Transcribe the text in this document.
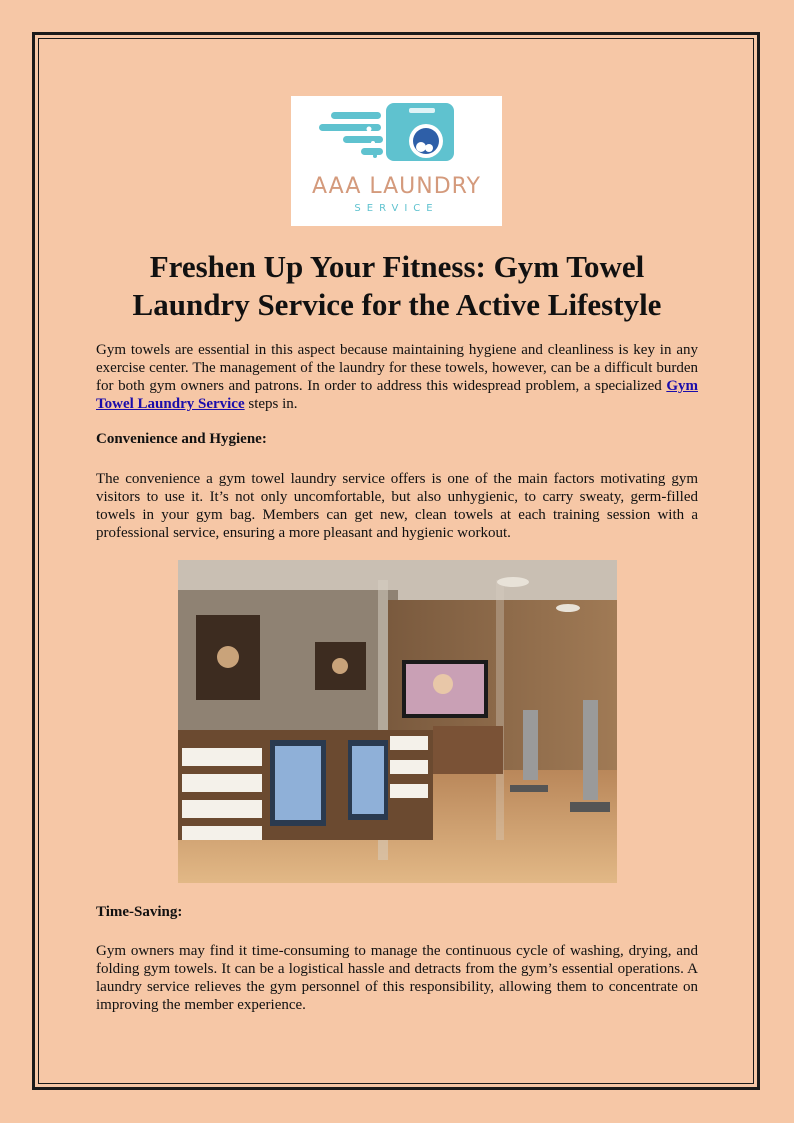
AAA LAUNDRY
SERVICE
Freshen Up Your Fitness: Gym Towel Laundry Service for the Active Lifestyle

Gym towels are essential in this aspect because maintaining hygiene and cleanliness is key in any exercise center. The management of the laundry for these towels, however, can be a difficult burden for both gym owners and patrons. In order to address this widespread problem, a specialized Gym Towel Laundry Service steps in.

Convenience and Hygiene:

The convenience a gym towel laundry service offers is one of the main factors motivating gym visitors to use it. It’s not only uncomfortable, but also unhygienic, to carry sweaty, germ-filled towels in your gym bag. Members can get new, clean towels at each training session with a professional service, ensuring a more pleasant and hygienic workout.

Time-Saving:

Gym owners may find it time-consuming to manage the continuous cycle of washing, drying, and folding gym towels. It can be a logistical hassle and detracts from the gym’s essential operations. A laundry service relieves the gym personnel of this responsibility, allowing them to concentrate on improving the member experience.
